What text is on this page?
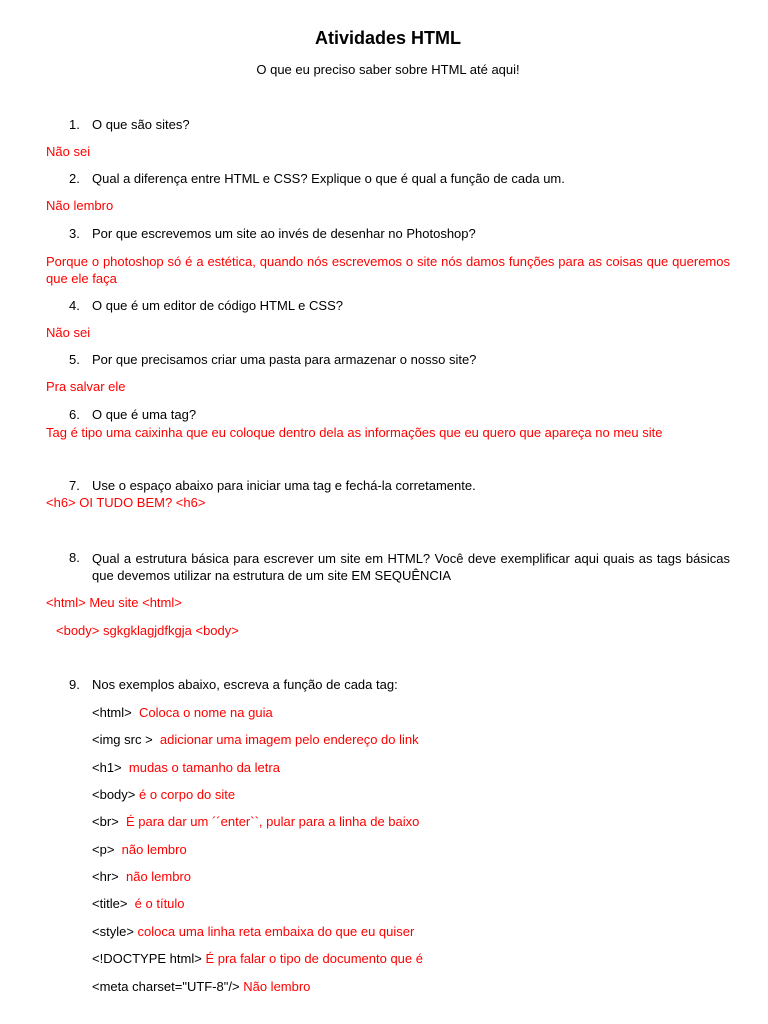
Atividades HTML
O que eu preciso saber sobre HTML até aqui!
1. O que são sites?
Não sei
2. Qual a diferença entre HTML e CSS? Explique o que é qual a função de cada um.
Não lembro
3. Por que escrevemos um site ao invés de desenhar no Photoshop?
Porque o photoshop só é a estética, quando nós escrevemos o site nós damos funções para as coisas que queremos que ele faça
4. O que é um editor de código HTML e CSS?
Não sei
5. Por que precisamos criar uma pasta para armazenar o nosso site?
Pra salvar ele
6. O que é uma tag?
Tag é tipo uma caixinha que eu coloque dentro dela as informações que eu quero que apareça no meu site
7. Use o espaço abaixo para iniciar uma tag e fechá-la corretamente.
<h6> OI TUDO BEM? <h6>
8. Qual a estrutura básica para escrever um site em HTML? Você deve exemplificar aqui quais as tags básicas que devemos utilizar na estrutura de um site EM SEQUÊNCIA
<html> Meu site <html>
<body> sgkgklagjdfkgja <body>
9. Nos exemplos abaixo, escreva a função de cada tag:
<html> Coloca o nome na guia
<img src > adicionar uma imagem pelo endereço do link
<h1> mudas o tamanho da letra
<body> é o corpo do site
<br> É para dar um ´´enter``, pular para a linha de baixo
<p> não lembro
<hr> não lembro
<title> é o título
<style> coloca uma linha reta embaixa do que eu quiser
<!DOCTYPE html> É pra falar o tipo de documento que é
<meta charset="UTF-8"/> Não lembro
